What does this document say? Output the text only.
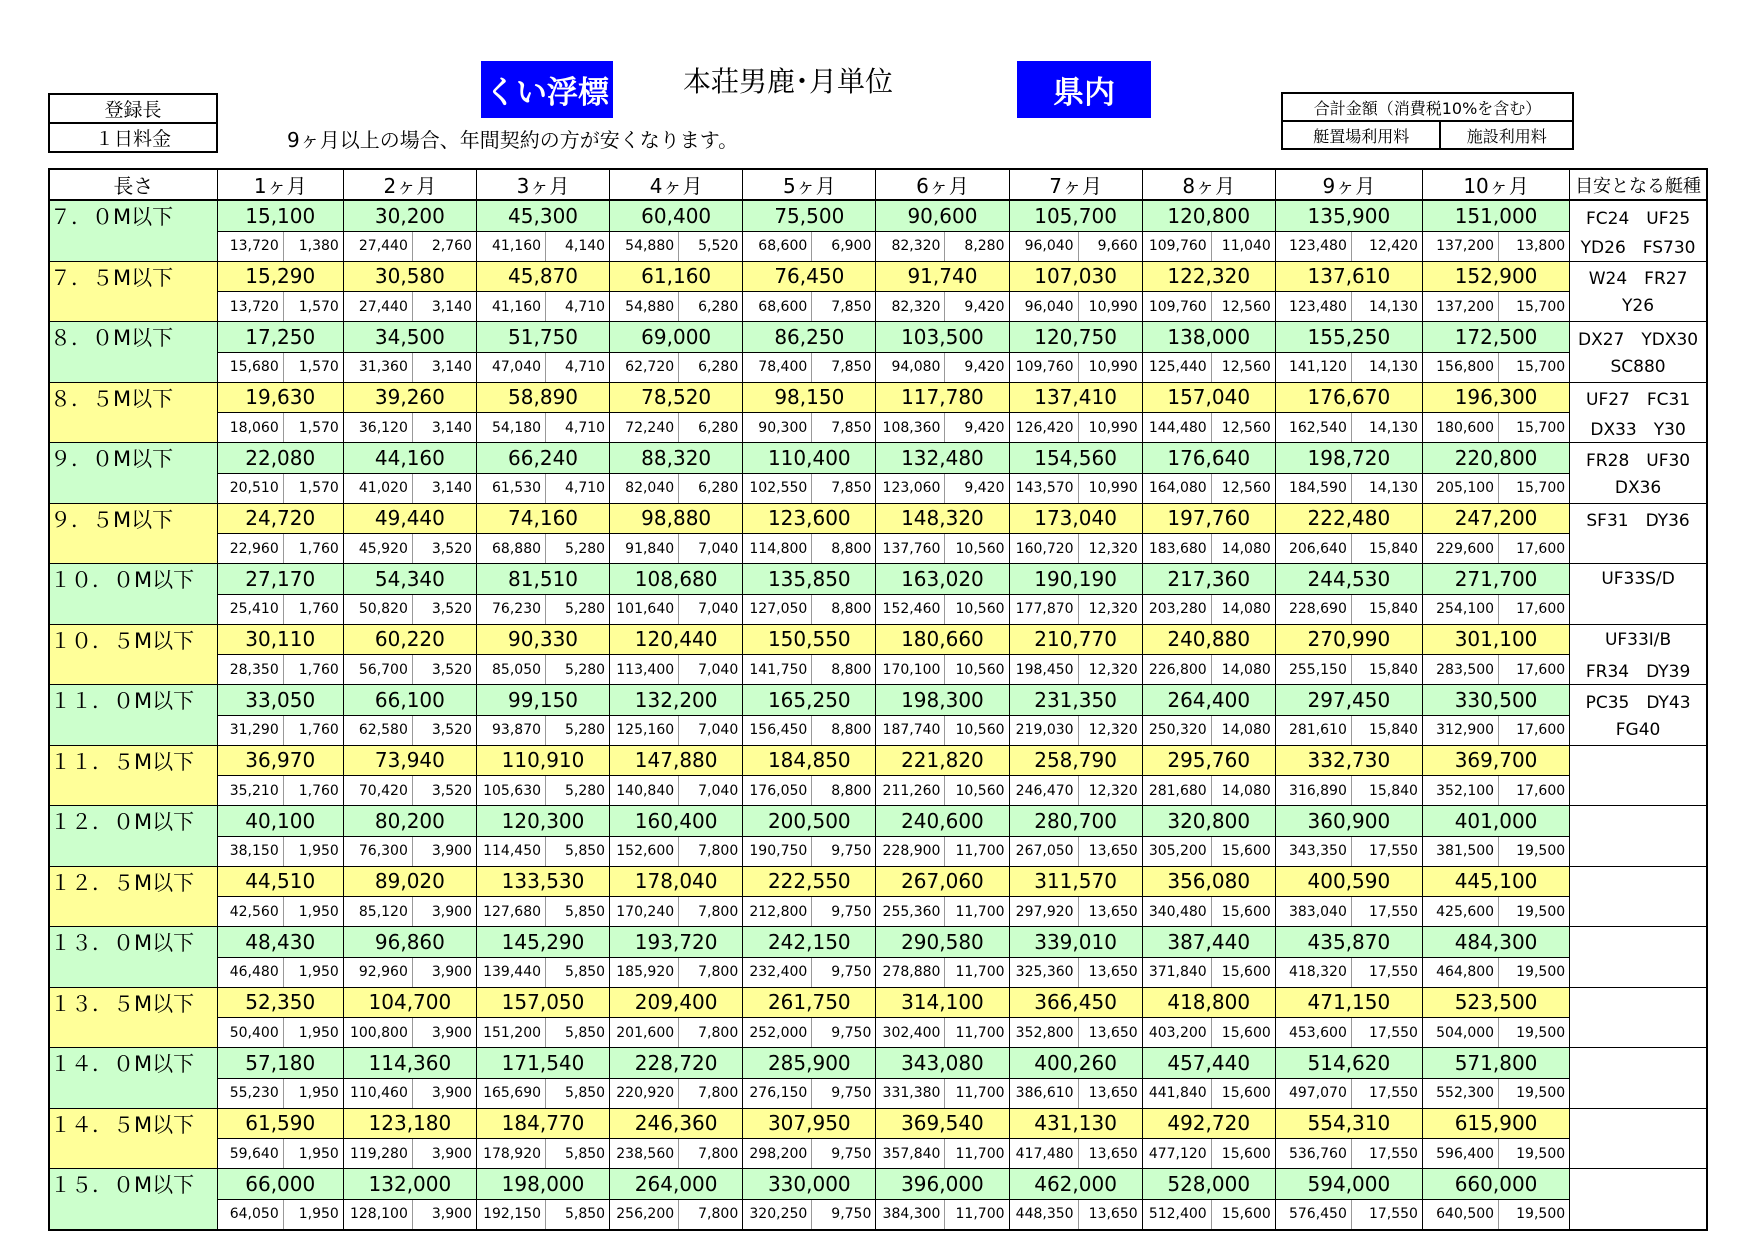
くい浮標	本荘男鹿･月単位	県内
9ヶ月以上の場合、年間契約の方が安くなります。
登録長
１日料金
合計金額（消費税10%を含む）
艇置場利用料	施設利用料
長さ	1ヶ月		2ヶ月		3ヶ月		4ヶ月		5ヶ月		6ヶ月		7ヶ月		8ヶ月		9ヶ月		10ヶ月		目安となる艇種
７．０M以下	15,100		30,200		45,300		60,400		75,500		90,600		105,700		120,800		135,900		151,000		FC24　UF25
	13,720	1,380	27,440	2,760	41,160	4,140	54,880	5,520	68,600	6,900	82,320	8,280	96,040	9,660	109,760	11,040	123,480	12,420	137,200	13,800	YD26　FS730
７．５M以下	15,290		30,580		45,870		61,160		76,450		91,740		107,030		122,320		137,610		152,900		W24　FR27
	13,720	1,570	27,440	3,140	41,160	4,710	54,880	6,280	68,600	7,850	82,320	9,420	96,040	10,990	109,760	12,560	123,480	14,130	137,200	15,700	Y26
８．０M以下	17,250		34,500		51,750		69,000		86,250		103,500		120,750		138,000		155,250		172,500		DX27　YDX30
	15,680	1,570	31,360	3,140	47,040	4,710	62,720	6,280	78,400	7,850	94,080	9,420	109,760	10,990	125,440	12,560	141,120	14,130	156,800	15,700	SC880
８．５M以下	19,630		39,260		58,890		78,520		98,150		117,780		137,410		157,040		176,670		196,300		UF27　FC31
	18,060	1,570	36,120	3,140	54,180	4,710	72,240	6,280	90,300	7,850	108,360	9,420	126,420	10,990	144,480	12,560	162,540	14,130	180,600	15,700	DX33　Y30
９．０M以下	22,080		44,160		66,240		88,320		110,400		132,480		154,560		176,640		198,720		220,800		FR28　UF30
	20,510	1,570	41,020	3,140	61,530	4,710	82,040	6,280	102,550	7,850	123,060	9,420	143,570	10,990	164,080	12,560	184,590	14,130	205,100	15,700	DX36
９．５M以下	24,720		49,440		74,160		98,880		123,600		148,320		173,040		197,760		222,480		247,200		SF31　DY36
	22,960	1,760	45,920	3,520	68,880	5,280	91,840	7,040	114,800	8,800	137,760	10,560	160,720	12,320	183,680	14,080	206,640	15,840	229,600	17,600	
１０．０M以下	27,170		54,340		81,510		108,680		135,850		163,020		190,190		217,360		244,530		271,700		UF33S/D
	25,410	1,760	50,820	3,520	76,230	5,280	101,640	7,040	127,050	8,800	152,460	10,560	177,870	12,320	203,280	14,080	228,690	15,840	254,100	17,600	
１０．５M以下	30,110		60,220		90,330		120,440		150,550		180,660		210,770		240,880		270,990		301,100		UF33I/B
	28,350	1,760	56,700	3,520	85,050	5,280	113,400	7,040	141,750	8,800	170,100	10,560	198,450	12,320	226,800	14,080	255,150	15,840	283,500	17,600	FR34　DY39
１１．０M以下	33,050		66,100		99,150		132,200		165,250		198,300		231,350		264,400		297,450		330,500		PC35　DY43
	31,290	1,760	62,580	3,520	93,870	5,280	125,160	7,040	156,450	8,800	187,740	10,560	219,030	12,320	250,320	14,080	281,610	15,840	312,900	17,600	FG40
１１．５M以下	36,970		73,940		110,910		147,880		184,850		221,820		258,790		295,760		332,730		369,700		
	35,210	1,760	70,420	3,520	105,630	5,280	140,840	7,040	176,050	8,800	211,260	10,560	246,470	12,320	281,680	14,080	316,890	15,840	352,100	17,600	
１２．０M以下	40,100		80,200		120,300		160,400		200,500		240,600		280,700		320,800		360,900		401,000		
	38,150	1,950	76,300	3,900	114,450	5,850	152,600	7,800	190,750	9,750	228,900	11,700	267,050	13,650	305,200	15,600	343,350	17,550	381,500	19,500	
１２．５M以下	44,510		89,020		133,530		178,040		222,550		267,060		311,570		356,080		400,590		445,100		
	42,560	1,950	85,120	3,900	127,680	5,850	170,240	7,800	212,800	9,750	255,360	11,700	297,920	13,650	340,480	15,600	383,040	17,550	425,600	19,500	
１３．０M以下	48,430		96,860		145,290		193,720		242,150		290,580		339,010		387,440		435,870		484,300		
	46,480	1,950	92,960	3,900	139,440	5,850	185,920	7,800	232,400	9,750	278,880	11,700	325,360	13,650	371,840	15,600	418,320	17,550	464,800	19,500	
１３．５M以下	52,350		104,700		157,050		209,400		261,750		314,100		366,450		418,800		471,150		523,500		
	50,400	1,950	100,800	3,900	151,200	5,850	201,600	7,800	252,000	9,750	302,400	11,700	352,800	13,650	403,200	15,600	453,600	17,550	504,000	19,500	
１４．０M以下	57,180		114,360		171,540		228,720		285,900		343,080		400,260		457,440		514,620		571,800		
	55,230	1,950	110,460	3,900	165,690	5,850	220,920	7,800	276,150	9,750	331,380	11,700	386,610	13,650	441,840	15,600	497,070	17,550	552,300	19,500	
１４．５M以下	61,590		123,180		184,770		246,360		307,950		369,540		431,130		492,720		554,310		615,900		
	59,640	1,950	119,280	3,900	178,920	5,850	238,560	7,800	298,200	9,750	357,840	11,700	417,480	13,650	477,120	15,600	536,760	17,550	596,400	19,500	
１５．０M以下	66,000		132,000		198,000		264,000		330,000		396,000		462,000		528,000		594,000		660,000		
	64,050	1,950	128,100	3,900	192,150	5,850	256,200	7,800	320,250	9,750	384,300	11,700	448,350	13,650	512,400	15,600	576,450	17,550	640,500	19,500	
